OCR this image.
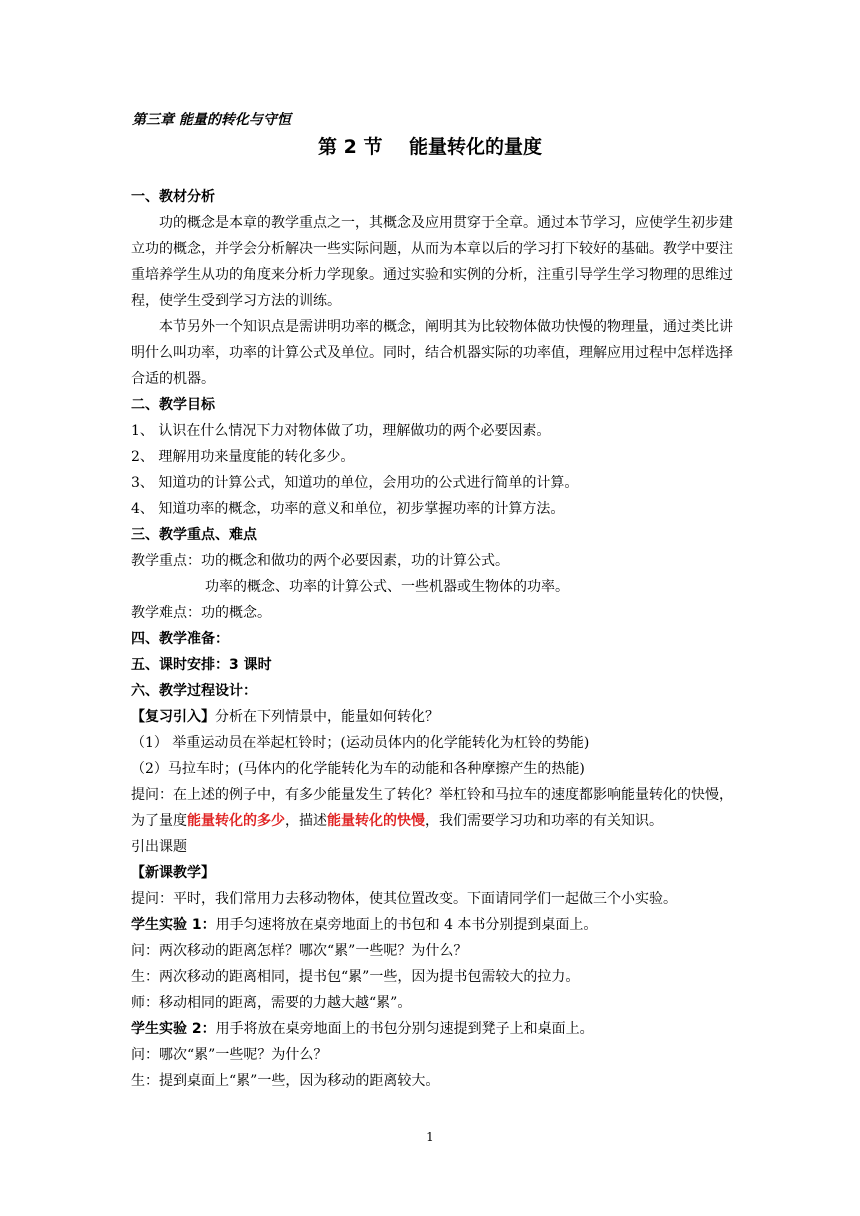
第三章 能量的转化与守恒
第 2 节    能量转化的量度

一、教材分析

功的概念是本章的教学重点之一，其概念及应用贯穿于全章。通过本节学习，应使学生初步建立功的概念，并学会分析解决一些实际问题，从而为本章以后的学习打下较好的基础。教学中要注重培养学生从功的角度来分析力学现象。通过实验和实例的分析，注重引导学生学习物理的思维过程，使学生受到学习方法的训练。

本节另外一个知识点是需讲明功率的概念，阐明其为比较物体做功快慢的物理量，通过类比讲明什么叫功率，功率的计算公式及单位。同时，结合机器实际的功率值，理解应用过程中怎样选择合适的机器。

二、教学目标

1、 认识在什么情况下力对物体做了功，理解做功的两个必要因素。

2、 理解用功来量度能的转化多少。

3、 知道功的计算公式，知道功的单位，会用功的公式进行简单的计算。

4、 知道功率的概念，功率的意义和单位，初步掌握功率的计算方法。

三、教学重点、难点

教学重点：功的概念和做功的两个必要因素，功的计算公式。

功率的概念、功率的计算公式、一些机器或生物体的功率。

教学难点：功的概念。

四、教学准备：

五、课时安排：3 课时

六、教学过程设计：

【复习引入】分析在下列情景中，能量如何转化？

（1） 举重运动员在举起杠铃时；(运动员体内的化学能转化为杠铃的势能)

（2）马拉车时；(马体内的化学能转化为车的动能和各种摩擦产生的热能)

提问：在上述的例子中，有多少能量发生了转化？举杠铃和马拉车的速度都影响能量转化的快慢，为了量度能量转化的多少，描述能量转化的快慢，我们需要学习功和功率的有关知识。

引出课题

【新课教学】

提问：平时，我们常用力去移动物体，使其位置改变。下面请同学们一起做三个小实验。

学生实验 1：用手匀速将放在桌旁地面上的书包和 4 本书分别提到桌面上。

问：两次移动的距离怎样？哪次“累”一些呢？为什么？

生：两次移动的距离相同，提书包“累”一些，因为提书包需较大的拉力。

师：移动相同的距离，需要的力越大越“累”。

学生实验 2：用手将放在桌旁地面上的书包分别匀速提到凳子上和桌面上。

问：哪次“累”一些呢？为什么？

生：提到桌面上“累”一些，因为移动的距离较大。

1
